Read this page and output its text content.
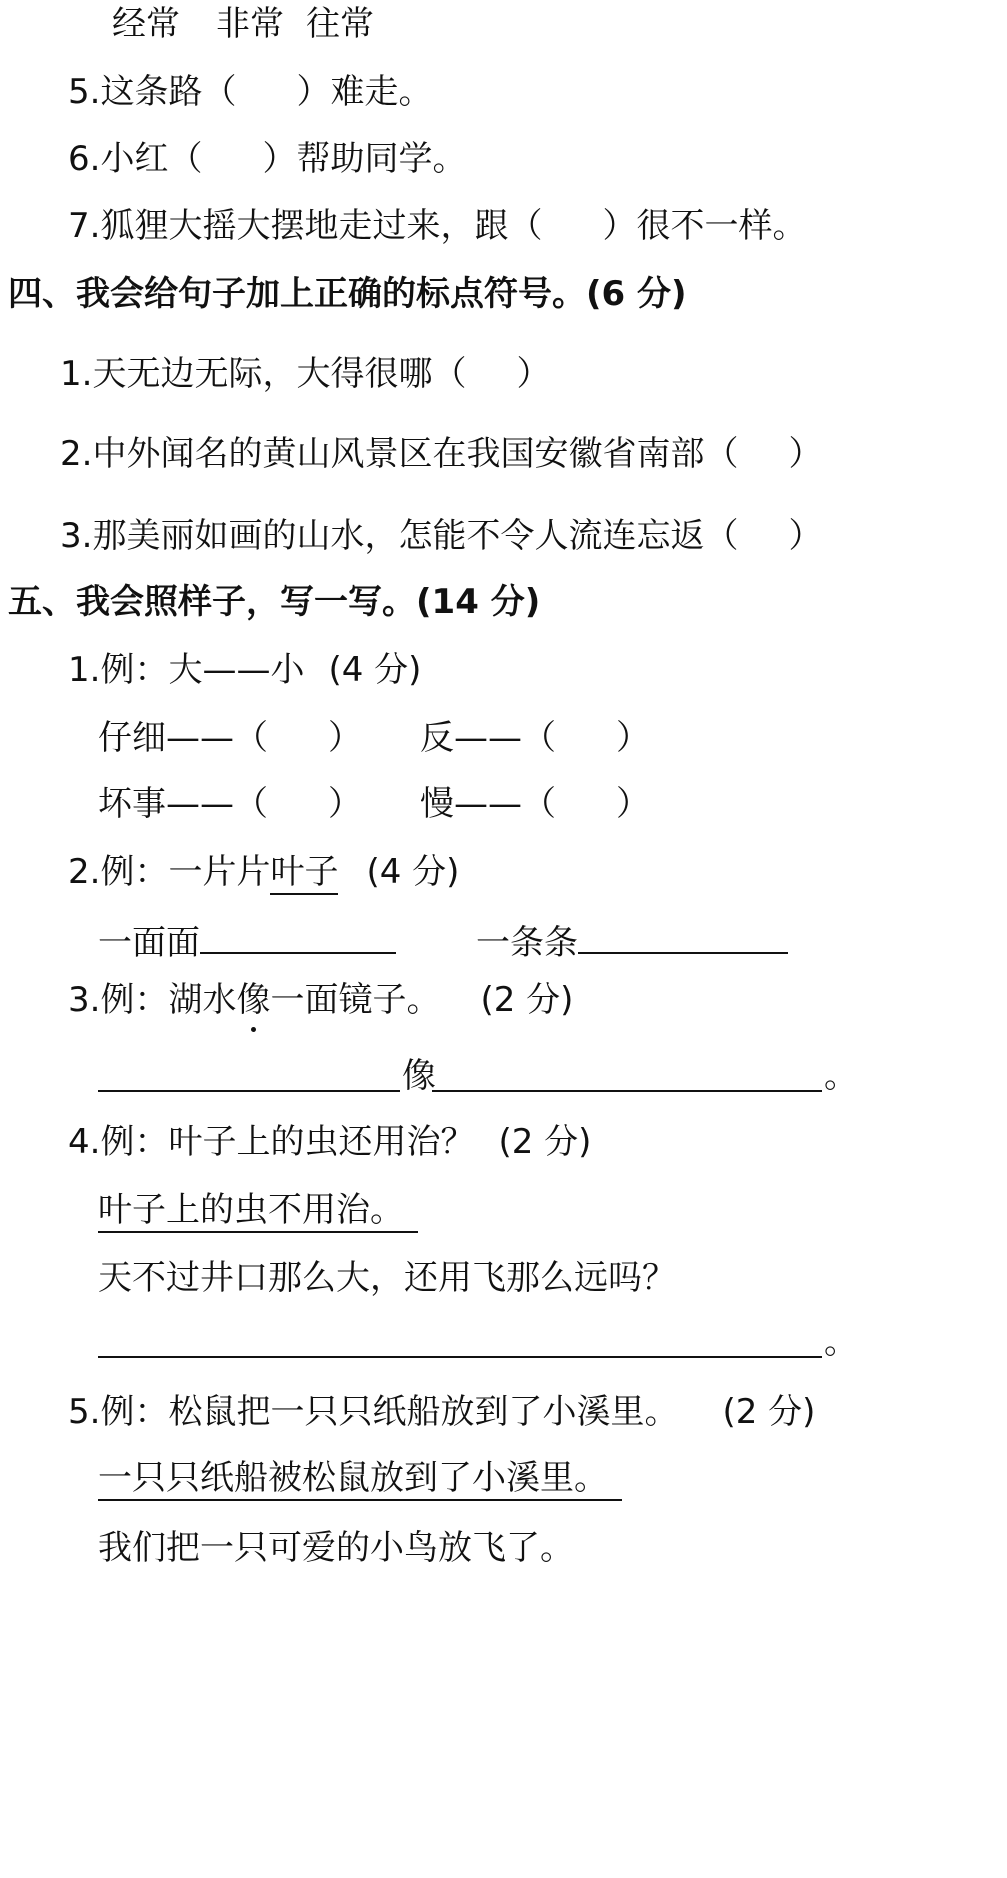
经常 非常 往常
5.这条路（ ）难走。
6.小红（ ）帮助同学。
7.狐狸大摇大摆地走过来，跟（ ）很不一样。
四、我会给句子加上正确的标点符号。(6 分)
1.天无边无际，大得很哪（ ）
2.中外闻名的黄山风景区在我国安徽省南部（ ）
3.那美丽如画的山水，怎能不令人流连忘返（ ）
五、我会照样子，写一写。(14 分)
1.例：大——小 (4 分)
仔细——（ ） 反——（ ）
坏事——（ ） 慢——（ ）
2.例：一片片叶子 (4 分)
一面面	一条条
3.例：湖水像一面镜子。 (2 分)
像	。
4.例：叶子上的虫还用治？ (2 分)
叶子上的虫不用治。
天不过井口那么大，还用飞那么远吗？
。
5.例：松鼠把一只只纸船放到了小溪里。 (2 分)
一只只纸船被松鼠放到了小溪里。
我们把一只可爱的小鸟放飞了。
